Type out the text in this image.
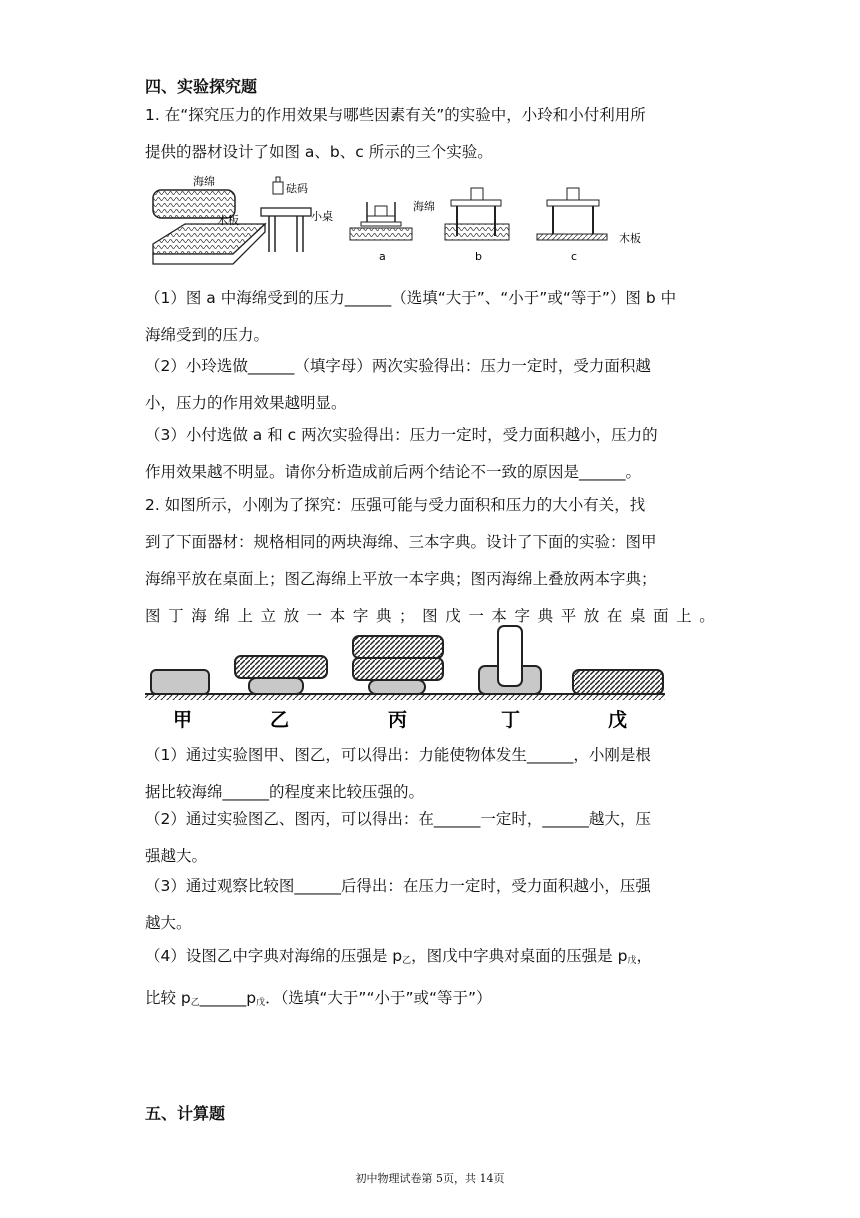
四、实验探究题
1. 在“探究压力的作用效果与哪些因素有关”的实验中，小玲和小付利用所
提供的器材设计了如图 a、b、c 所示的三个实验。
海绵
木板
砝码
小桌
a
海绵
b	c
木板
（1）图 a 中海绵受到的压力______（选填“大于”、“小于”或“等于”）图 b 中
海绵受到的压力。
（2）小玲选做______（填字母）两次实验得出：压力一定时，受力面积越
小，压力的作用效果越明显。
（3）小付选做 a 和 c 两次实验得出：压力一定时，受力面积越小，压力的
作用效果越不明显。请你分析造成前后两个结论不一致的原因是______。
2. 如图所示，小刚为了探究：压强可能与受力面积和压力的大小有关，找
到了下面器材：规格相同的两块海绵、三本字典。设计了下面的实验：图甲
海绵平放在桌面上；图乙海绵上平放一本字典；图丙海绵上叠放两本字典；
图 丁 海 绵 上 立 放 一 本 字 典 ； 图 戊 一 本 字 典 平 放 在 桌 面 上 。
甲	乙	丙	丁	戊
（1）通过实验图甲、图乙，可以得出：力能使物体发生______，小刚是根
据比较海绵______的程度来比较压强的。
（2）通过实验图乙、图丙，可以得出：在______一定时，______越大，压
强越大。
（3）通过观察比较图______后得出：在压力一定时，受力面积越小，压强
越大。
（4）设图乙中字典对海绵的压强是 $p_乙$，图戊中字典对桌面的压强是 $p_戊$，
比较 $p_乙\_\_\_\_\_\_p_戊$．（选填“大于”“小于”或“等于”）
五、计算题
初中物理试卷第 5页，共 14页
